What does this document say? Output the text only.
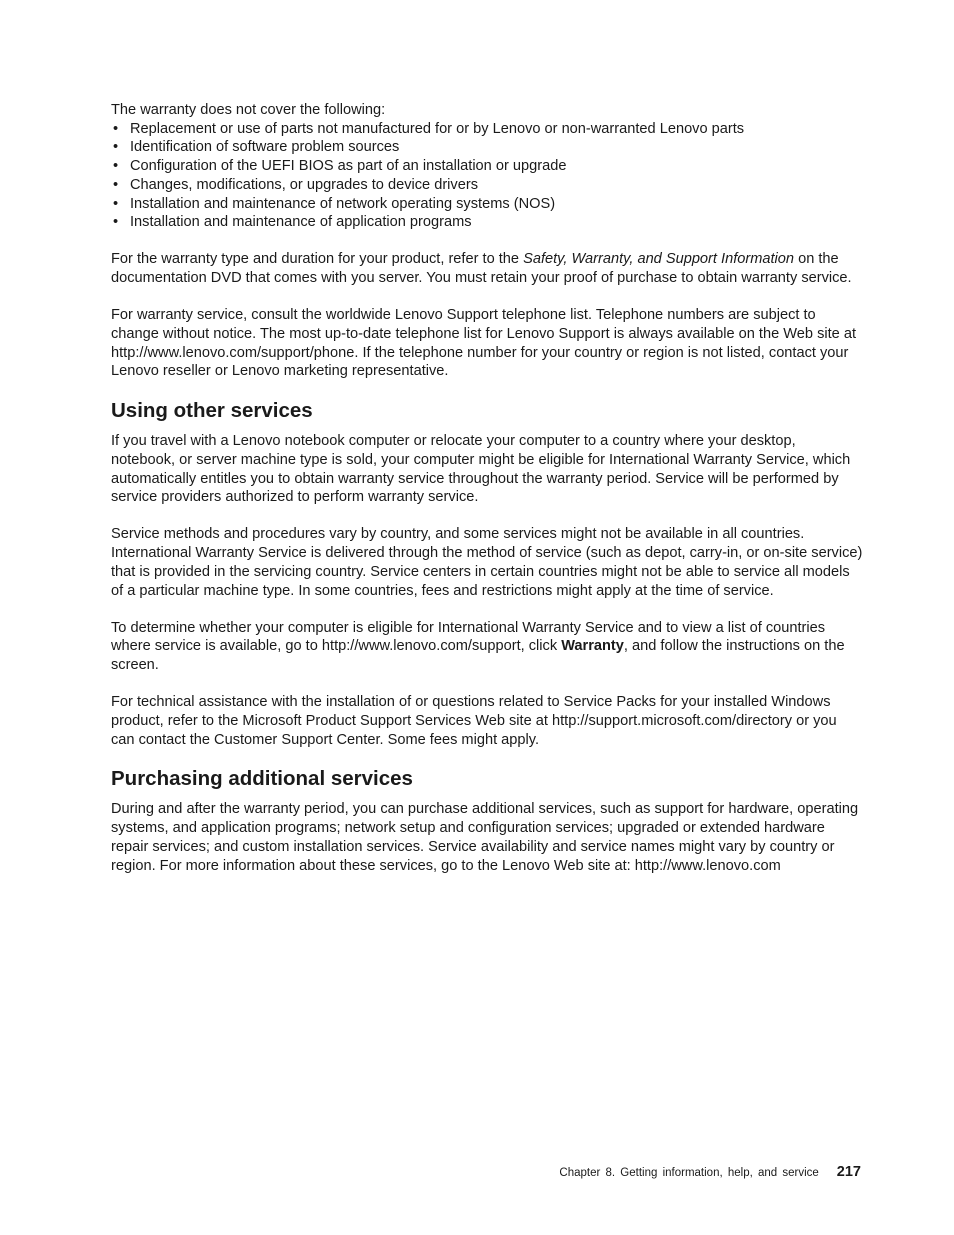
The warranty does not cover the following:

• Replacement or use of parts not manufactured for or by Lenovo or non-warranted Lenovo parts
• Identification of software problem sources
• Configuration of the UEFI BIOS as part of an installation or upgrade
• Changes, modifications, or upgrades to device drivers
• Installation and maintenance of network operating systems (NOS)
• Installation and maintenance of application programs

For the warranty type and duration for your product, refer to the Safety, Warranty, and Support Information on the documentation DVD that comes with you server. You must retain your proof of purchase to obtain warranty service.

For warranty service, consult the worldwide Lenovo Support telephone list. Telephone numbers are subject to change without notice. The most up-to-date telephone list for Lenovo Support is always available on the Web site at http://www.lenovo.com/support/phone. If the telephone number for your country or region is not listed, contact your Lenovo reseller or Lenovo marketing representative.

Using other services

If you travel with a Lenovo notebook computer or relocate your computer to a country where your desktop, notebook, or server machine type is sold, your computer might be eligible for International Warranty Service, which automatically entitles you to obtain warranty service throughout the warranty period. Service will be performed by service providers authorized to perform warranty service.

Service methods and procedures vary by country, and some services might not be available in all countries. International Warranty Service is delivered through the method of service (such as depot, carry-in, or on-site service) that is provided in the servicing country. Service centers in certain countries might not be able to service all models of a particular machine type. In some countries, fees and restrictions might apply at the time of service.

To determine whether your computer is eligible for International Warranty Service and to view a list of countries where service is available, go to http://www.lenovo.com/support, click Warranty, and follow the instructions on the screen.

For technical assistance with the installation of or questions related to Service Packs for your installed Windows product, refer to the Microsoft Product Support Services Web site at http://support.microsoft.com/directory or you can contact the Customer Support Center. Some fees might apply.

Purchasing additional services

During and after the warranty period, you can purchase additional services, such as support for hardware, operating systems, and application programs; network setup and configuration services; upgraded or extended hardware repair services; and custom installation services. Service availability and service names might vary by country or region. For more information about these services, go to the Lenovo Web site at: http://www.lenovo.com

Chapter 8. Getting information, help, and service 217
